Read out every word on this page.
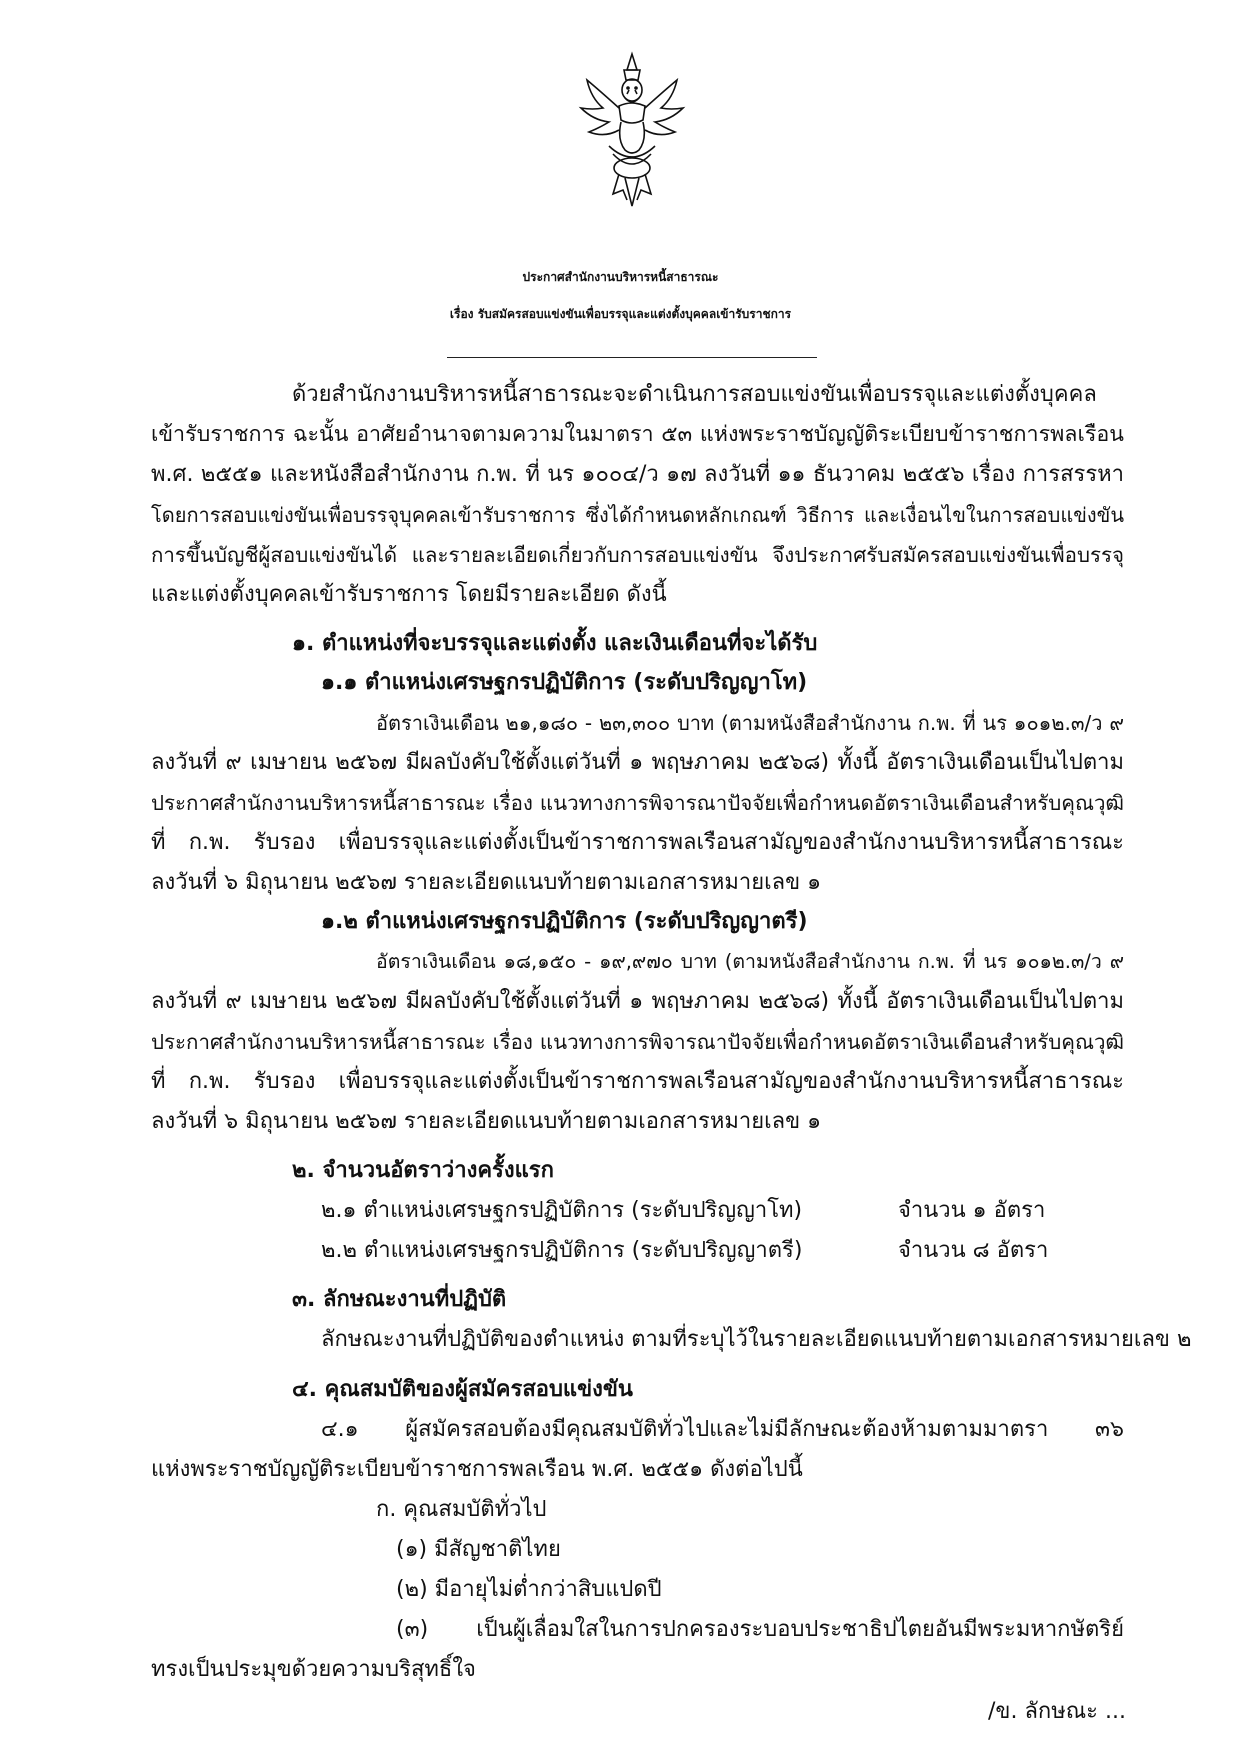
ประกาศสำนักงานบริหารหนี้สาธารณะ
เรื่อง รับสมัครสอบแข่งขันเพื่อบรรจุและแต่งตั้งบุคคลเข้ารับราชการ
ด้วยสำนักงานบริหารหนี้สาธารณะจะดำเนินการสอบแข่งขันเพื่อบรรจุและแต่งตั้งบุคคล
เข้ารับราชการ ฉะนั้น อาศัยอำนาจตามความในมาตรา ๕๓ แห่งพระราชบัญญัติระเบียบข้าราชการพลเรือน
พ.ศ. ๒๕๕๑ และหนังสือสำนักงาน ก.พ. ที่ นร ๑๐๐๔/ว ๑๗ ลงวันที่ ๑๑ ธันวาคม ๒๕๕๖ เรื่อง การสรรหา
โดยการสอบแข่งขันเพื่อบรรจุบุคคลเข้ารับราชการ ซึ่งได้กำหนดหลักเกณฑ์ วิธีการ และเงื่อนไขในการสอบแข่งขัน
การขึ้นบัญชีผู้สอบแข่งขันได้ และรายละเอียดเกี่ยวกับการสอบแข่งขัน จึงประกาศรับสมัครสอบแข่งขันเพื่อบรรจุ
และแต่งตั้งบุคคลเข้ารับราชการ โดยมีรายละเอียด ดังนี้
๑. ตำแหน่งที่จะบรรจุและแต่งตั้ง และเงินเดือนที่จะได้รับ
๑.๑ ตำแหน่งเศรษฐกรปฏิบัติการ (ระดับปริญญาโท)
อัตราเงินเดือน ๒๑,๑๘๐ - ๒๓,๓๐๐ บาท (ตามหนังสือสำนักงาน ก.พ. ที่ นร ๑๐๑๒.๓/ว ๙
ลงวันที่ ๙ เมษายน ๒๕๖๗ มีผลบังคับใช้ตั้งแต่วันที่ ๑ พฤษภาคม ๒๕๖๘) ทั้งนี้ อัตราเงินเดือนเป็นไปตาม
ประกาศสำนักงานบริหารหนี้สาธารณะ เรื่อง แนวทางการพิจารณาปัจจัยเพื่อกำหนดอัตราเงินเดือนสำหรับคุณวุฒิ
ที่ ก.พ. รับรอง เพื่อบรรจุและแต่งตั้งเป็นข้าราชการพลเรือนสามัญของสำนักงานบริหารหนี้สาธารณะ
ลงวันที่ ๖ มิถุนายน ๒๕๖๗ รายละเอียดแนบท้ายตามเอกสารหมายเลข ๑
๑.๒ ตำแหน่งเศรษฐกรปฏิบัติการ (ระดับปริญญาตรี)
อัตราเงินเดือน ๑๘,๑๕๐ - ๑๙,๙๗๐ บาท (ตามหนังสือสำนักงาน ก.พ. ที่ นร ๑๐๑๒.๓/ว ๙
ลงวันที่ ๙ เมษายน ๒๕๖๗ มีผลบังคับใช้ตั้งแต่วันที่ ๑ พฤษภาคม ๒๕๖๘) ทั้งนี้ อัตราเงินเดือนเป็นไปตาม
ประกาศสำนักงานบริหารหนี้สาธารณะ เรื่อง แนวทางการพิจารณาปัจจัยเพื่อกำหนดอัตราเงินเดือนสำหรับคุณวุฒิ
ที่ ก.พ. รับรอง เพื่อบรรจุและแต่งตั้งเป็นข้าราชการพลเรือนสามัญของสำนักงานบริหารหนี้สาธารณะ
ลงวันที่ ๖ มิถุนายน ๒๕๖๗ รายละเอียดแนบท้ายตามเอกสารหมายเลข ๑
๒. จำนวนอัตราว่างครั้งแรก
๒.๑ ตำแหน่งเศรษฐกรปฏิบัติการ (ระดับปริญญาโท)	จำนวน ๑ อัตรา
๒.๒ ตำแหน่งเศรษฐกรปฏิบัติการ (ระดับปริญญาตรี)	จำนวน ๘ อัตรา
๓. ลักษณะงานที่ปฏิบัติ
ลักษณะงานที่ปฏิบัติของตำแหน่ง ตามที่ระบุไว้ในรายละเอียดแนบท้ายตามเอกสารหมายเลข ๒
๔. คุณสมบัติของผู้สมัครสอบแข่งขัน
๔.๑ ผู้สมัครสอบต้องมีคุณสมบัติทั่วไปและไม่มีลักษณะต้องห้ามตามมาตรา ๓๖
แห่งพระราชบัญญัติระเบียบข้าราชการพลเรือน พ.ศ. ๒๕๕๑ ดังต่อไปนี้
ก. คุณสมบัติทั่วไป
(๑) มีสัญชาติไทย
(๒) มีอายุไม่ต่ำกว่าสิบแปดปี
(๓) เป็นผู้เลื่อมใสในการปกครองระบอบประชาธิปไตยอันมีพระมหากษัตริย์
ทรงเป็นประมุขด้วยความบริสุทธิ์ใจ
/ข. ลักษณะ ...
